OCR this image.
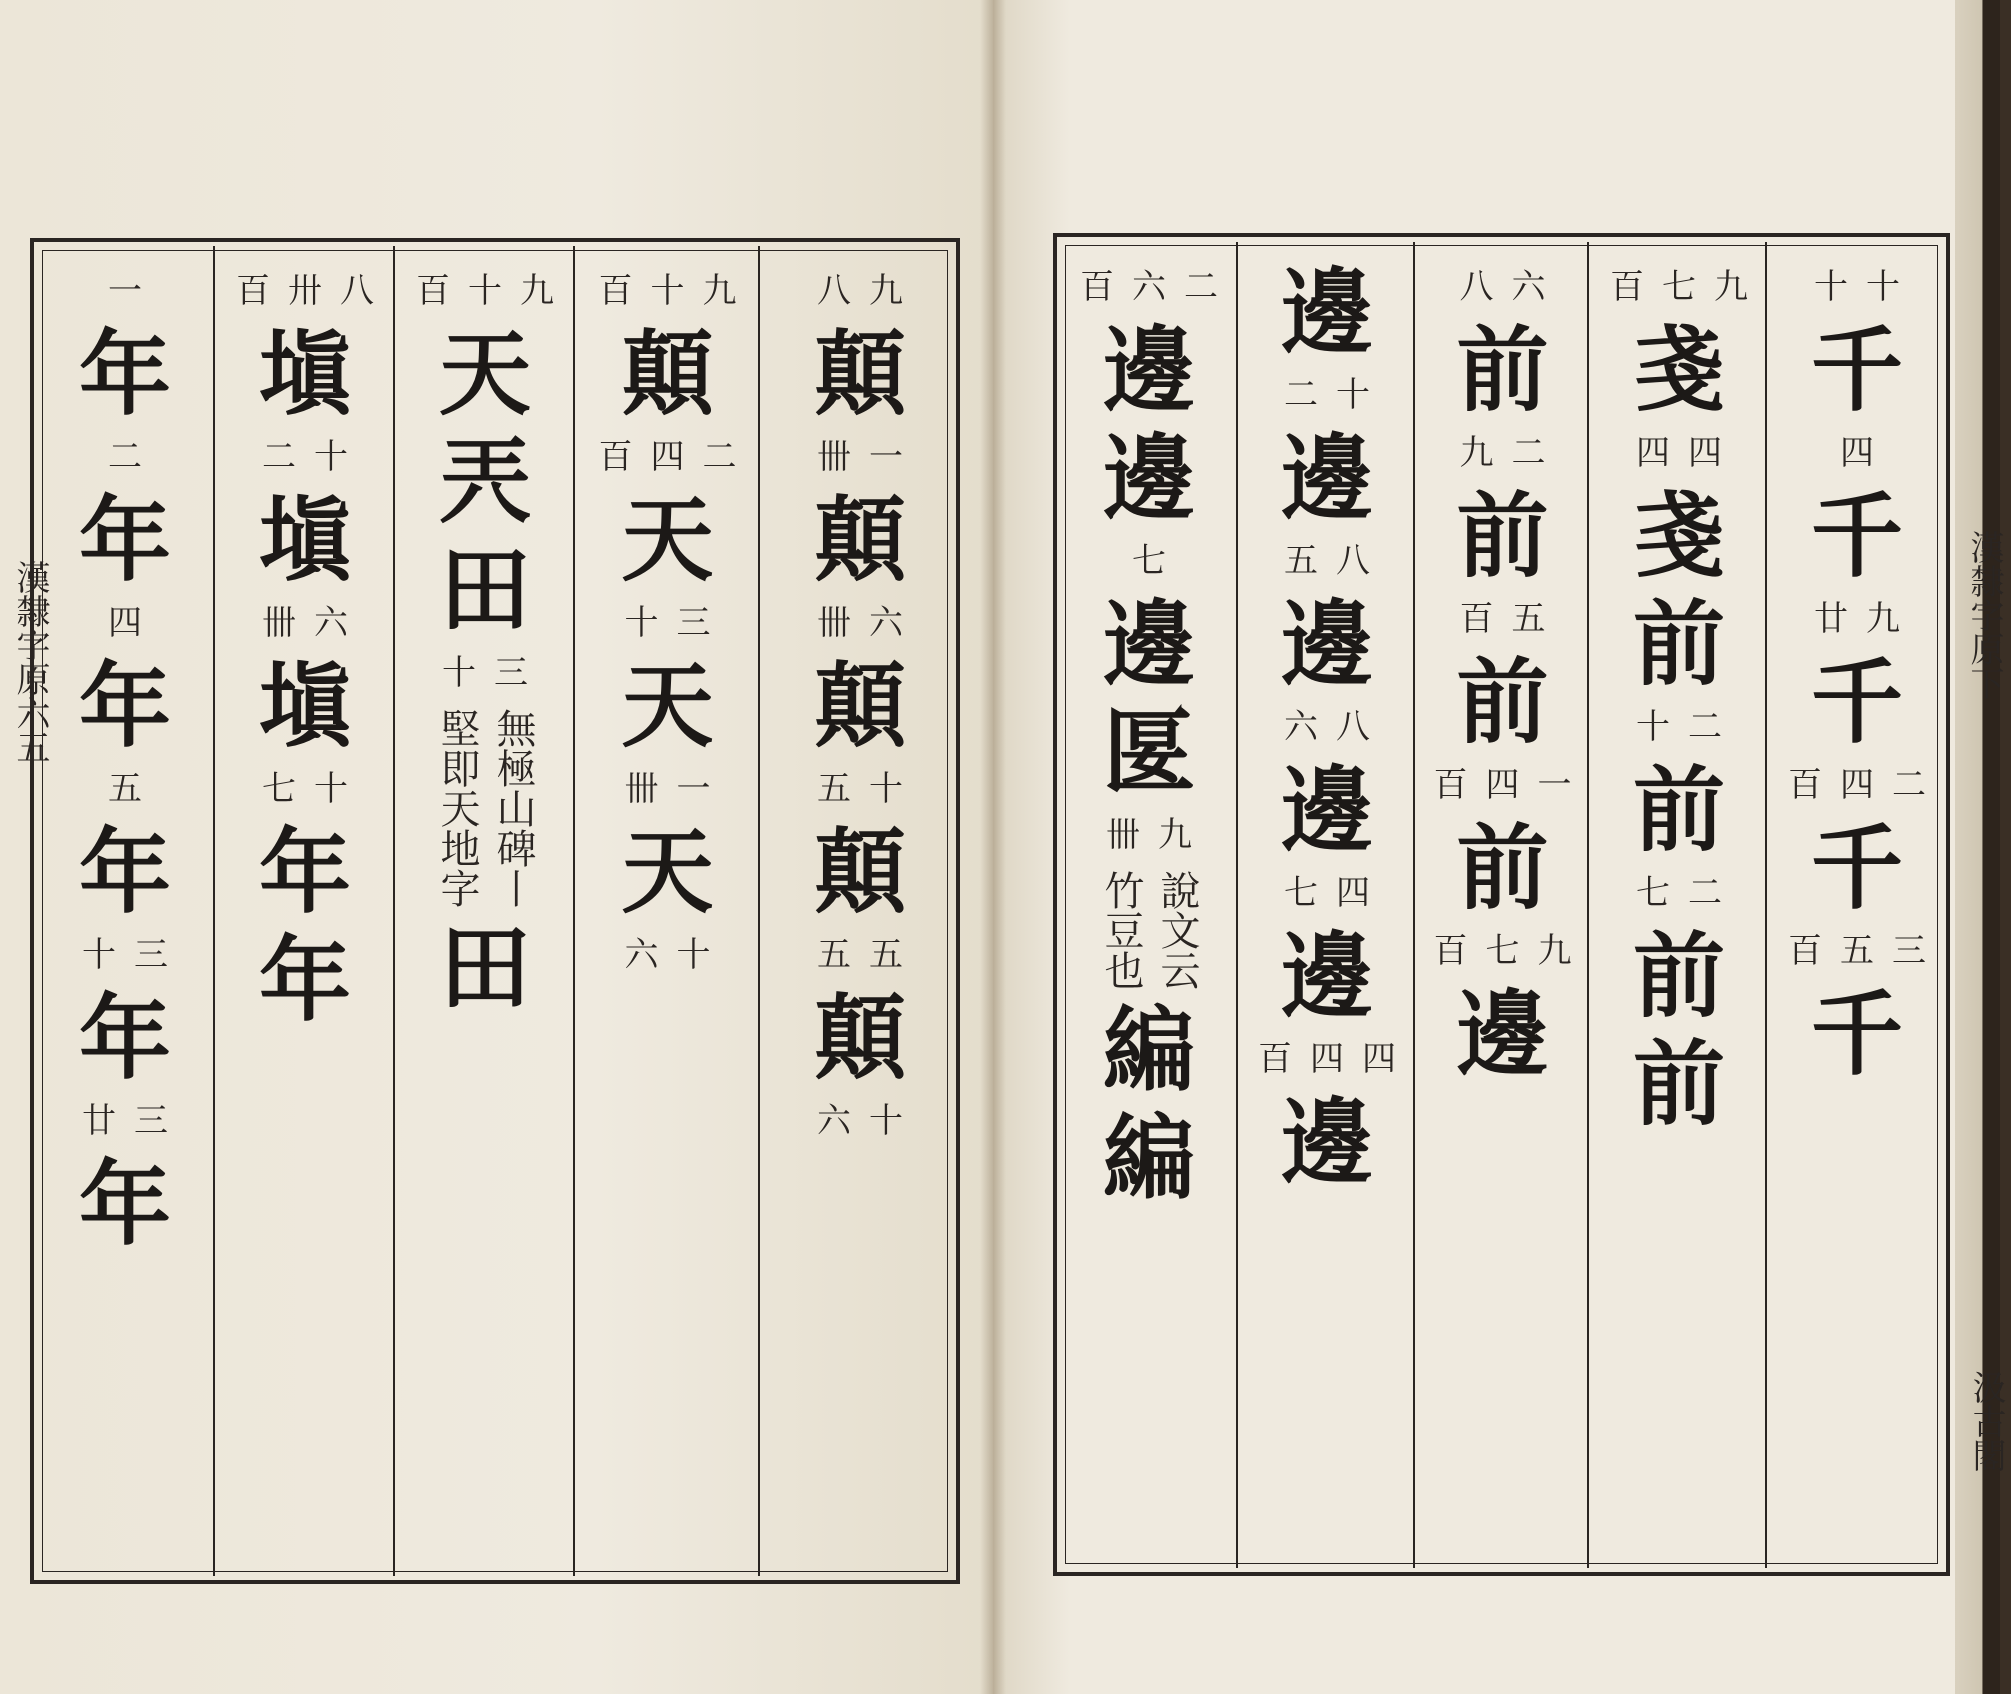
漢隸字原六五	漢隸字原下
汲古閣
八 九
顛
卌 一
顛
卌 六
顛
五 十
顛
五 五
顛
六 十
百 十 九
顛
百 四 二
天
十 三
天
卌 一
天
六 十
百 十 九
天
兲
田
十 三
無極山碑丨
堅即天地字
田
百 卅 八
塡
二 十
塡
卌 六
塡
七 十
年
年
一
年
二
年
四
年
五
年
十 三
年
廿 三
年
十 十
千
四
千
廿 九
千
百 四 二
千
百 五 三
千
百 七 九
戔
四 四
戔
前
十 二
前
七 二
前
前
八 六
前
九 二
前
百 五
前
百 四 一
前
百 七 九
邊
邊
二 十
邊
五 八
邊
六 八
邊
七 四
邊
百 四 四
邊
百 六 二
邊
邊
七
邊
匽
卌 九
說文云
竹豆也
編
編
